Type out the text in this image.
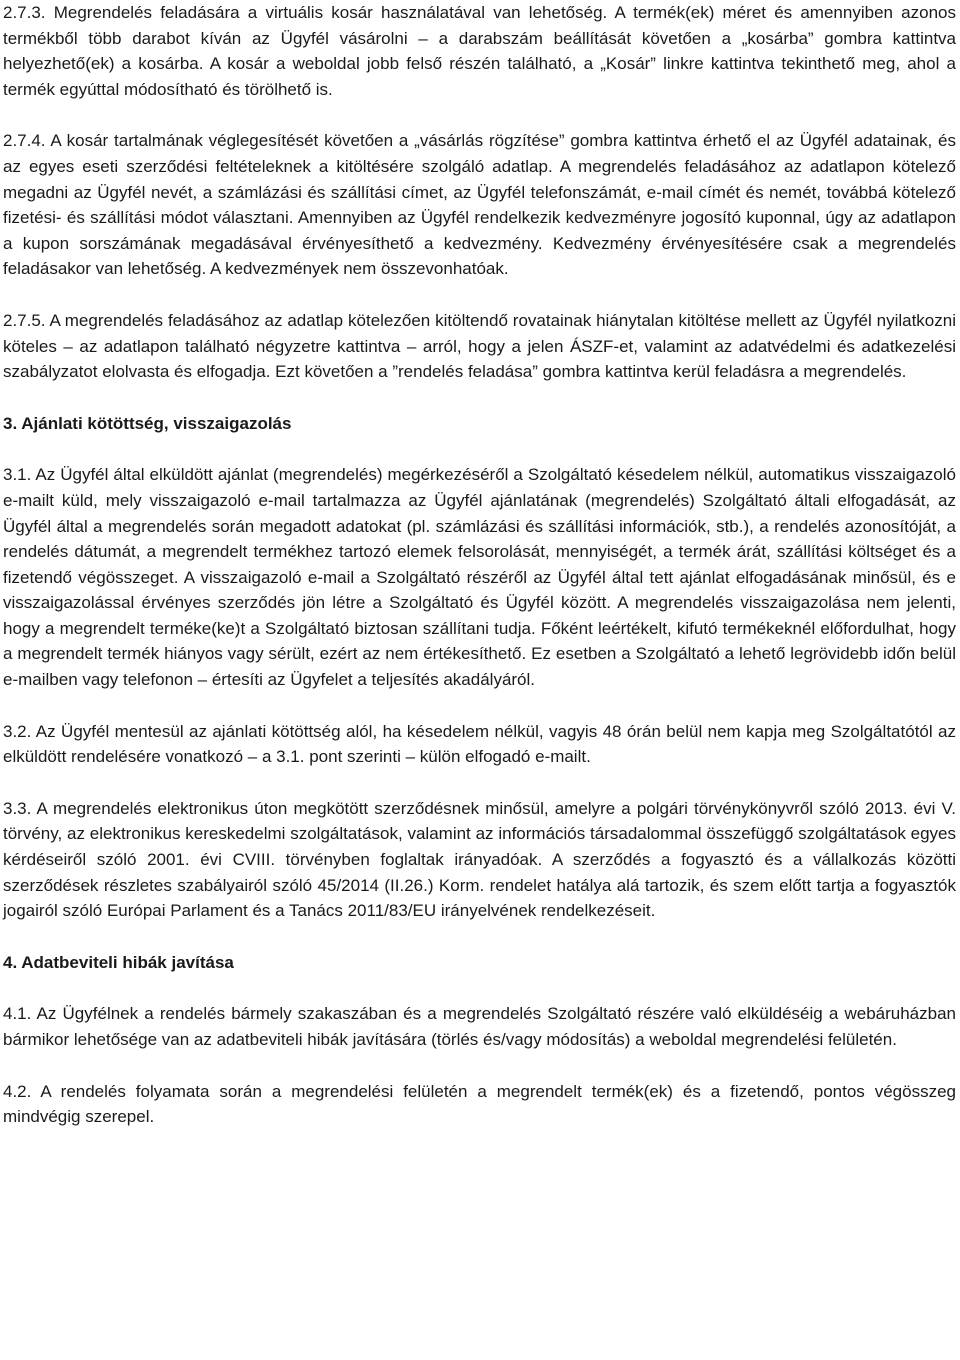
2.7.3. Megrendelés feladására a virtuális kosár használatával van lehetőség. A termék(ek) méret és amennyiben azonos termékből több darabot kíván az Ügyfél vásárolni – a darabszám beállítását követően a „kosárba” gombra kattintva helyezhető(ek) a kosárba. A kosár a weboldal jobb felső részén található, a „Kosár” linkre kattintva tekinthető meg, ahol a termék egyúttal módosítható és törölhető is.

2.7.4. A kosár tartalmának véglegesítését követően a „vásárlás rögzítése” gombra kattintva érhető el az Ügyfél adatainak, és az egyes eseti szerződési feltételeknek a kitöltésére szolgáló adatlap. A megrendelés feladásához az adatlapon kötelező megadni az Ügyfél nevét, a számlázási és szállítási címet, az Ügyfél telefonszámát, e-mail címét és nemét, továbbá kötelező fizetési- és szállítási módot választani. Amennyiben az Ügyfél rendelkezik kedvezményre jogosító kuponnal, úgy az adatlapon a kupon sorszámának megadásával érvényesíthető a kedvezmény. Kedvezmény érvényesítésére csak a megrendelés feladásakor van lehetőség. A kedvezmények nem összevonhatóak.

2.7.5. A megrendelés feladásához az adatlap kötelezően kitöltendő rovatainak hiánytalan kitöltése mellett az Ügyfél nyilatkozni köteles – az adatlapon található négyzetre kattintva – arról, hogy a jelen ÁSZF-et, valamint az adatvédelmi és adatkezelési szabályzatot elolvasta és elfogadja. Ezt követően a ”rendelés feladása” gombra kattintva kerül feladásra a megrendelés.

3. Ajánlati kötöttség, visszaigazolás

3.1. Az Ügyfél által elküldött ajánlat (megrendelés) megérkezéséről a Szolgáltató késedelem nélkül, automatikus visszaigazoló e-mailt küld, mely visszaigazoló e-mail tartalmazza az Ügyfél ajánlatának (megrendelés) Szolgáltató általi elfogadását, az Ügyfél által a megrendelés során megadott adatokat (pl. számlázási és szállítási információk, stb.), a rendelés azonosítóját, a rendelés dátumát, a megrendelt termékhez tartozó elemek felsorolását, mennyiségét, a termék árát, szállítási költséget és a fizetendő végösszeget. A visszaigazoló e-mail a Szolgáltató részéről az Ügyfél által tett ajánlat elfogadásának minősül, és e visszaigazolással érvényes szerződés jön létre a Szolgáltató és Ügyfél között. A megrendelés visszaigazolása nem jelenti, hogy a megrendelt terméke(ke)t a Szolgáltató biztosan szállítani tudja. Főként leértékelt, kifutó termékeknél előfordulhat, hogy a megrendelt termék hiányos vagy sérült, ezért az nem értékesíthető. Ez esetben a Szolgáltató a lehető legrövidebb időn belül e-mailben vagy telefonon – értesíti az Ügyfelet a teljesítés akadályáról.

3.2. Az Ügyfél mentesül az ajánlati kötöttség alól, ha késedelem nélkül, vagyis 48 órán belül nem kapja meg Szolgáltatótól az elküldött rendelésére vonatkozó – a 3.1. pont szerinti – külön elfogadó e-mailt.

3.3. A megrendelés elektronikus úton megkötött szerződésnek minősül, amelyre a polgári törvénykönyvről szóló 2013. évi V. törvény, az elektronikus kereskedelmi szolgáltatások, valamint az információs társadalommal összefüggő szolgáltatások egyes kérdéseiről szóló 2001. évi CVIII. törvényben foglaltak irányadóak. A szerződés a fogyasztó és a vállalkozás közötti szerződések részletes szabályairól szóló 45/2014 (II.26.) Korm. rendelet hatálya alá tartozik, és szem előtt tartja a fogyasztók jogairól szóló Európai Parlament és a Tanács 2011/83/EU irányelvének rendelkezéseit.

4. Adatbeviteli hibák javítása

4.1. Az Ügyfélnek a rendelés bármely szakaszában és a megrendelés Szolgáltató részére való elküldéséig a webáruházban bármikor lehetősége van az adatbeviteli hibák javítására (törlés és/vagy módosítás) a weboldal megrendelési felületén.

4.2. A rendelés folyamata során a megrendelési felületén a megrendelt termék(ek) és a fizetendő, pontos végösszeg mindvégig szerepel.
